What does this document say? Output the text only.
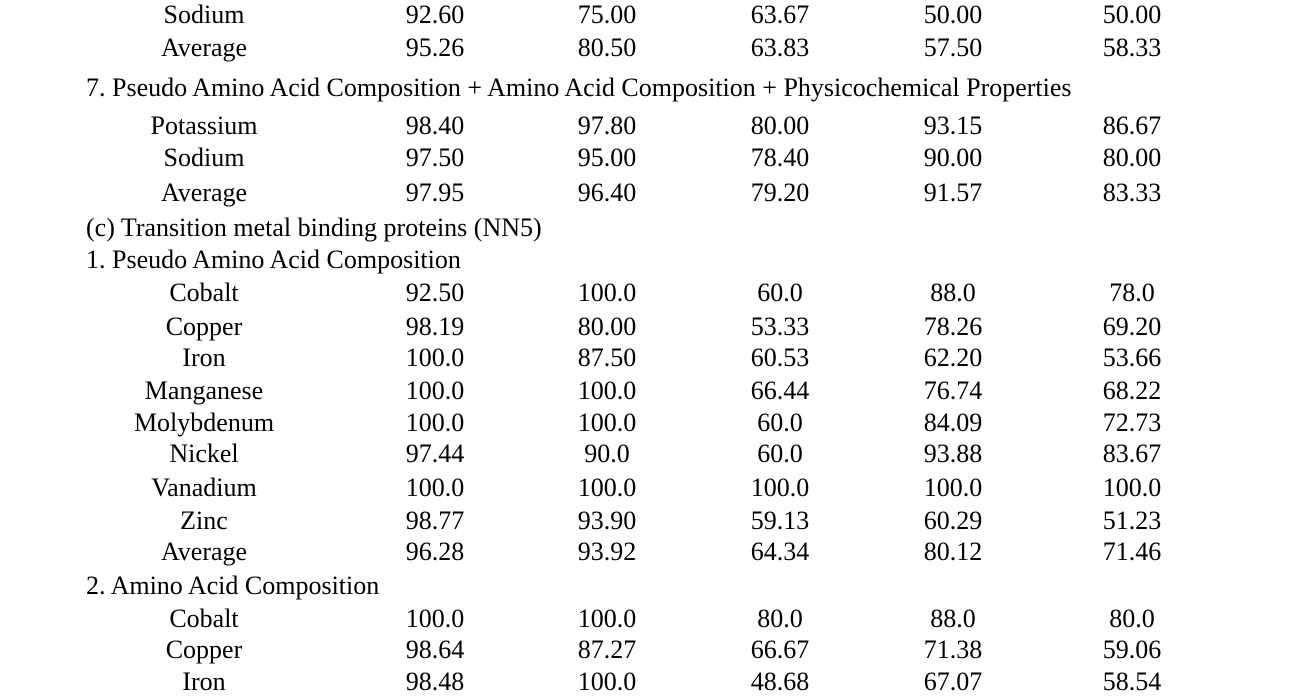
Sodium	92.60	75.00	63.67	50.00	50.00
Average	95.26	80.50	63.83	57.50	58.33
7. Pseudo Amino Acid Composition + Amino Acid Composition + Physicochemical Properties
Potassium	98.40	97.80	80.00	93.15	86.67
Sodium	97.50	95.00	78.40	90.00	80.00
Average	97.95	96.40	79.20	91.57	83.33
(c) Transition metal binding proteins (NN5)
1. Pseudo Amino Acid Composition
Cobalt	92.50	100.0	60.0	88.0	78.0
Copper	98.19	80.00	53.33	78.26	69.20
Iron	100.0	87.50	60.53	62.20	53.66
Manganese	100.0	100.0	66.44	76.74	68.22
Molybdenum	100.0	100.0	60.0	84.09	72.73
Nickel	97.44	90.0	60.0	93.88	83.67
Vanadium	100.0	100.0	100.0	100.0	100.0
Zinc	98.77	93.90	59.13	60.29	51.23
Average	96.28	93.92	64.34	80.12	71.46
2. Amino Acid Composition
Cobalt	100.0	100.0	80.0	88.0	80.0
Copper	98.64	87.27	66.67	71.38	59.06
Iron	98.48	100.0	48.68	67.07	58.54
